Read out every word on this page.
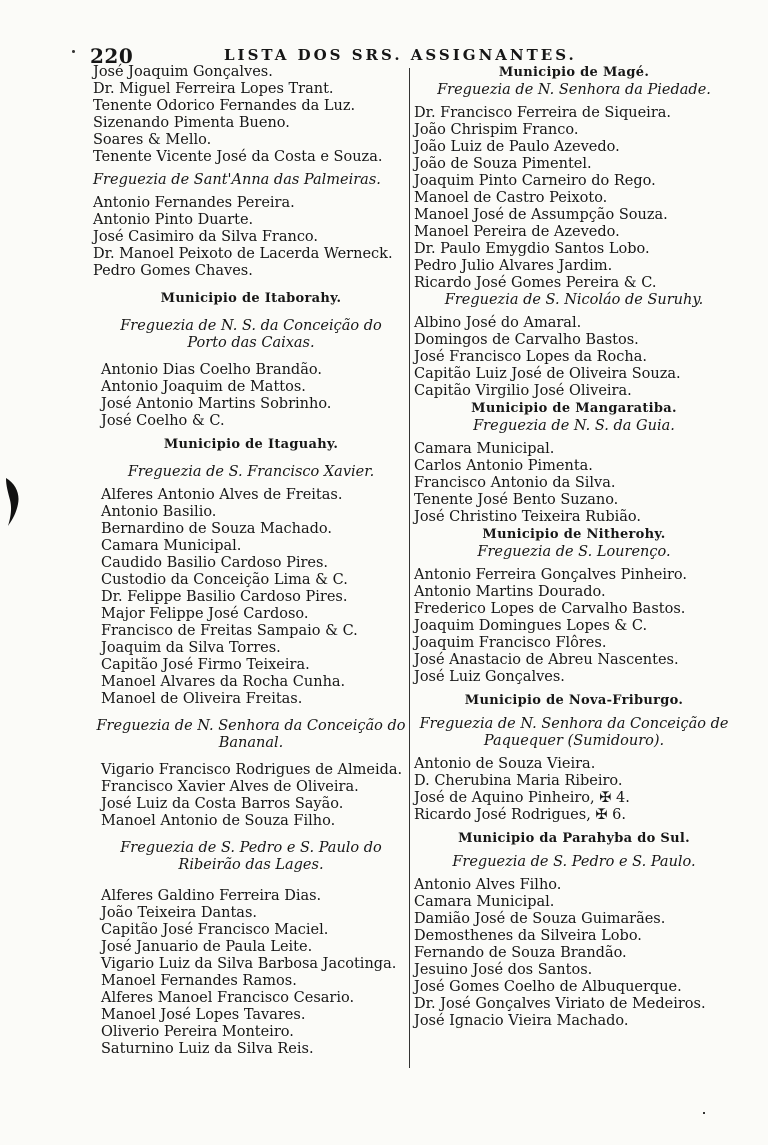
220	LISTA DOS SRS. ASSIGNANTES.
José Joaquim Gonçalves.
Dr. Miguel Ferreira Lopes Trant.
Tenente Odorico Fernandes da Luz.
Sizenando Pimenta Bueno.
Soares & Mello.
Tenente Vicente José da Costa e Souza.
Freguezia de Sant'Anna das Palmeiras.
Antonio Fernandes Pereira.
Antonio Pinto Duarte.
José Casimiro da Silva Franco.
Dr. Manoel Peixoto de Lacerda Werneck.
Pedro Gomes Chaves.
Municipio de Itaborahy.
Freguezia de N. S. da Conceição do
Porto das Caixas.
Antonio Dias Coelho Brandão.
Antonio Joaquim de Mattos.
José Antonio Martins Sobrinho.
José Coelho & C.
Municipio de Itaguahy.
Freguezia de S. Francisco Xavier.
Alferes Antonio Alves de Freitas.
Antonio Basilio.
Bernardino de Souza Machado.
Camara Municipal.
Caudido Basilio Cardoso Pires.
Custodio da Conceição Lima & C.
Dr. Felippe Basilio Cardoso Pires.
Major Felippe José Cardoso.
Francisco de Freitas Sampaio & C.
Joaquim da Silva Torres.
Capitão José Firmo Teixeira.
Manoel Alvares da Rocha Cunha.
Manoel de Oliveira Freitas.
Freguezia de N. Senhora da Conceição do
Bananal.
Vigario Francisco Rodrigues de Almeida.
Francisco Xavier Alves de Oliveira.
José Luiz da Costa Barros Sayão.
Manoel Antonio de Souza Filho.
Freguezia de S. Pedro e S. Paulo do
Ribeirão das Lages.
Alferes Galdino Ferreira Dias.
João Teixeira Dantas.
Capitão José Francisco Maciel.
José Januario de Paula Leite.
Vigario Luiz da Silva Barbosa Jacotinga.
Manoel Fernandes Ramos.
Alferes Manoel Francisco Cesario.
Manoel José Lopes Tavares.
Oliverio Pereira Monteiro.
Saturnino Luiz da Silva Reis.
Municipio de Magé.
Freguezia de N. Senhora da Piedade.
Dr. Francisco Ferreira de Siqueira.
João Chrispim Franco.
João Luiz de Paulo Azevedo.
João de Souza Pimentel.
Joaquim Pinto Carneiro do Rego.
Manoel de Castro Peixoto.
Manoel José de Assumpção Souza.
Manoel Pereira de Azevedo.
Dr. Paulo Emygdio Santos Lobo.
Pedro Julio Alvares Jardim.
Ricardo José Gomes Pereira & C.
Freguezia de S. Nicoláo de Suruhy.
Albino José do Amaral.
Domingos de Carvalho Bastos.
José Francisco Lopes da Rocha.
Capitão Luiz José de Oliveira Souza.
Capitão Virgilio José Oliveira.
Municipio de Mangaratiba.
Freguezia de N. S. da Guia.
Camara Municipal.
Carlos Antonio Pimenta.
Francisco Antonio da Silva.
Tenente José Bento Suzano.
José Christino Teixeira Rubião.
Municipio de Nitherohy.
Freguezia de S. Lourenço.
Antonio Ferreira Gonçalves Pinheiro.
Antonio Martins Dourado.
Frederico Lopes de Carvalho Bastos.
Joaquim Domingues Lopes & C.
Joaquim Francisco Flôres.
José Anastacio de Abreu Nascentes.
José Luiz Gonçalves.
Municipio de Nova-Friburgo.
Freguezia de N. Senhora da Conceição de
Paquequer (Sumidouro).
Antonio de Souza Vieira.
D. Cherubina Maria Ribeiro.
José de Aquino Pinheiro, ✠ 4.
Ricardo José Rodrigues, ✠ 6.
Municipio da Parahyba do Sul.
Freguezia de S. Pedro e S. Paulo.
Antonio Alves Filho.
Camara Municipal.
Damião José de Souza Guimarães.
Demosthenes da Silveira Lobo.
Fernando de Souza Brandão.
Jesuino José dos Santos.
José Gomes Coelho de Albuquerque.
Dr. José Gonçalves Viriato de Medeiros.
José Ignacio Vieira Machado.
